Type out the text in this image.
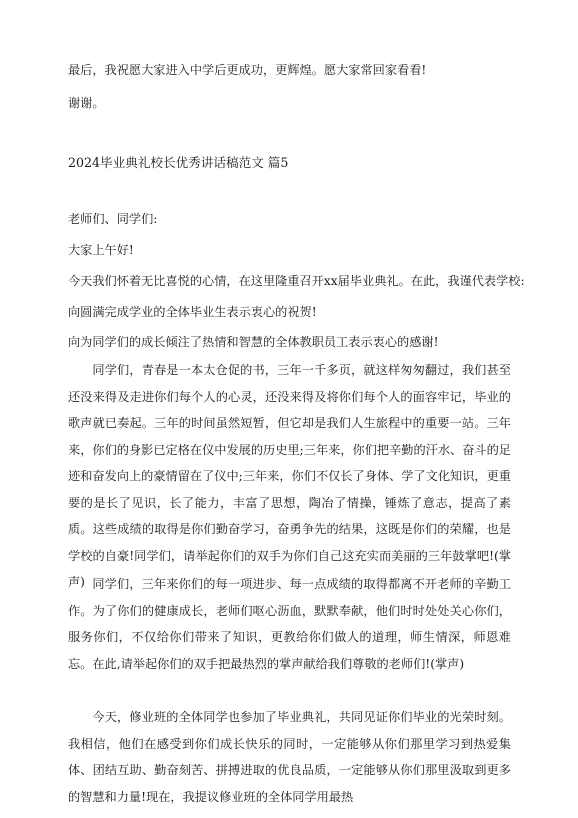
最后，我祝愿大家进入中学后更成功，更辉煌。愿大家常回家看看!
谢谢。
2024毕业典礼校长优秀讲话稿范文 篇5
老师们、同学们:
大家上午好!
今天我们怀着无比喜悦的心情，在这里隆重召开xx届毕业典礼。在此，我谨代表学校:
向圆满完成学业的全体毕业生表示衷心的祝贺!
向为同学们的成长倾注了热情和智慧的全体教职员工表示衷心的感谢!

同学们，青春是一本太仓促的书，三年一千多页，就这样匆匆翻过，我们甚至还没来得及走进你们每个人的心灵，还没来得及将你们每个人的面容牢记，毕业的歌声就已奏起。三年的时间虽然短暂，但它却是我们人生旅程中的重要一站。三年来，你们的身影已定格在仪中发展的历史里;三年来，你们把辛勤的汗水、奋斗的足迹和奋发向上的豪情留在了仪中;三年来，你们不仅长了身体、学了文化知识，更重要的是长了见识，长了能力，丰富了思想，陶冶了情操，锤炼了意志，提高了素质。这些成绩的取得是你们勤奋学习，奋勇争先的结果，这既是你们的荣耀，也是学校的自豪!同学们，请举起你们的双手为你们自己这充实而美丽的三年鼓掌吧!(掌声) 同学们，三年来你们的每一项进步、每一点成绩的取得都离不开老师的辛勤工作。为了你们的健康成长，老师们呕心沥血，默默奉献，他们时时处处关心你们，服务你们，不仅给你们带来了知识，更教给你们做人的道理，师生情深，师恩难忘。在此,请举起你们的双手把最热烈的掌声献给我们尊敬的老师们!(掌声)

今天，修业班的全体同学也参加了毕业典礼，共同见证你们毕业的光荣时刻。我相信，他们在感受到你们成长快乐的同时，一定能够从你们那里学习到热爱集体、团结互助、勤奋刻苦、拼搏进取的优良品质，一定能够从你们那里汲取到更多的智慧和力量!现在，我提议修业班的全体同学用最热
